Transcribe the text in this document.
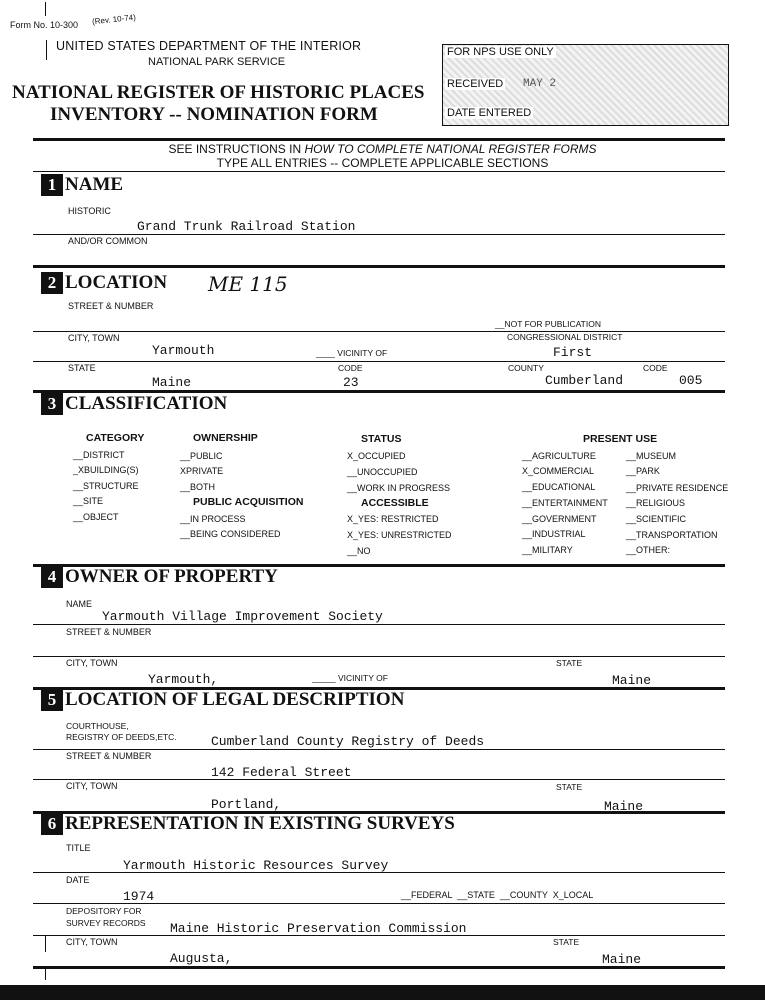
Form No. 10-300 (Rev. 10-74)
UNITED STATES DEPARTMENT OF THE INTERIOR
NATIONAL PARK SERVICE
NATIONAL REGISTER OF HISTORIC PLACES
INVENTORY -- NOMINATION FORM
FOR NPS USE ONLY
RECEIVED MAY 2
DATE ENTERED
SEE INSTRUCTIONS IN HOW TO COMPLETE NATIONAL REGISTER FORMS
TYPE ALL ENTRIES -- COMPLETE APPLICABLE SECTIONS
1 NAME
HISTORIC
Grand Trunk Railroad Station
AND/OR COMMON
2 LOCATION ME 115
STREET & NUMBER
__NOT FOR PUBLICATION
CITY, TOWN	CONGRESSIONAL DISTRICT
Yarmouth	____ VICINITY OF	First
STATE	CODE	COUNTY	CODE
Maine	23	Cumberland	005
3 CLASSIFICATION
CATEGORY	OWNERSHIP	STATUS	PRESENT USE
__DISTRICT
_XBUILDING(S)
__STRUCTURE
__SITE
__OBJECT
__PUBLIC
XPRIVATE
__BOTH
PUBLIC ACQUISITION
__IN PROCESS
__BEING CONSIDERED
X_OCCUPIED
__UNOCCUPIED
__WORK IN PROGRESS
ACCESSIBLE
X_YES: RESTRICTED
X_YES: UNRESTRICTED
__NO
__AGRICULTURE
X_COMMERCIAL
__EDUCATIONAL
__ENTERTAINMENT
__GOVERNMENT
__INDUSTRIAL
__MILITARY
__MUSEUM
__PARK
__PRIVATE RESIDENCE
__RELIGIOUS
__SCIENTIFIC
__TRANSPORTATION
__OTHER:
4 OWNER OF PROPERTY
NAME
Yarmouth Village Improvement Society
STREET & NUMBER
CITY, TOWN	STATE
Yarmouth,	_____ VICINITY OF	Maine
5 LOCATION OF LEGAL DESCRIPTION
COURTHOUSE,
REGISTRY OF DEEDS,ETC.	Cumberland County Registry of Deeds
STREET & NUMBER
142 Federal Street
CITY, TOWN	STATE
Portland,	Maine
6 REPRESENTATION IN EXISTING SURVEYS
TITLE
Yarmouth Historic Resources Survey
DATE
1974	__FEDERAL  __STATE  __COUNTY X_LOCAL
DEPOSITORY FOR
SURVEY RECORDS Maine Historic Preservation Commission
CITY, TOWN	STATE
Augusta,	Maine
